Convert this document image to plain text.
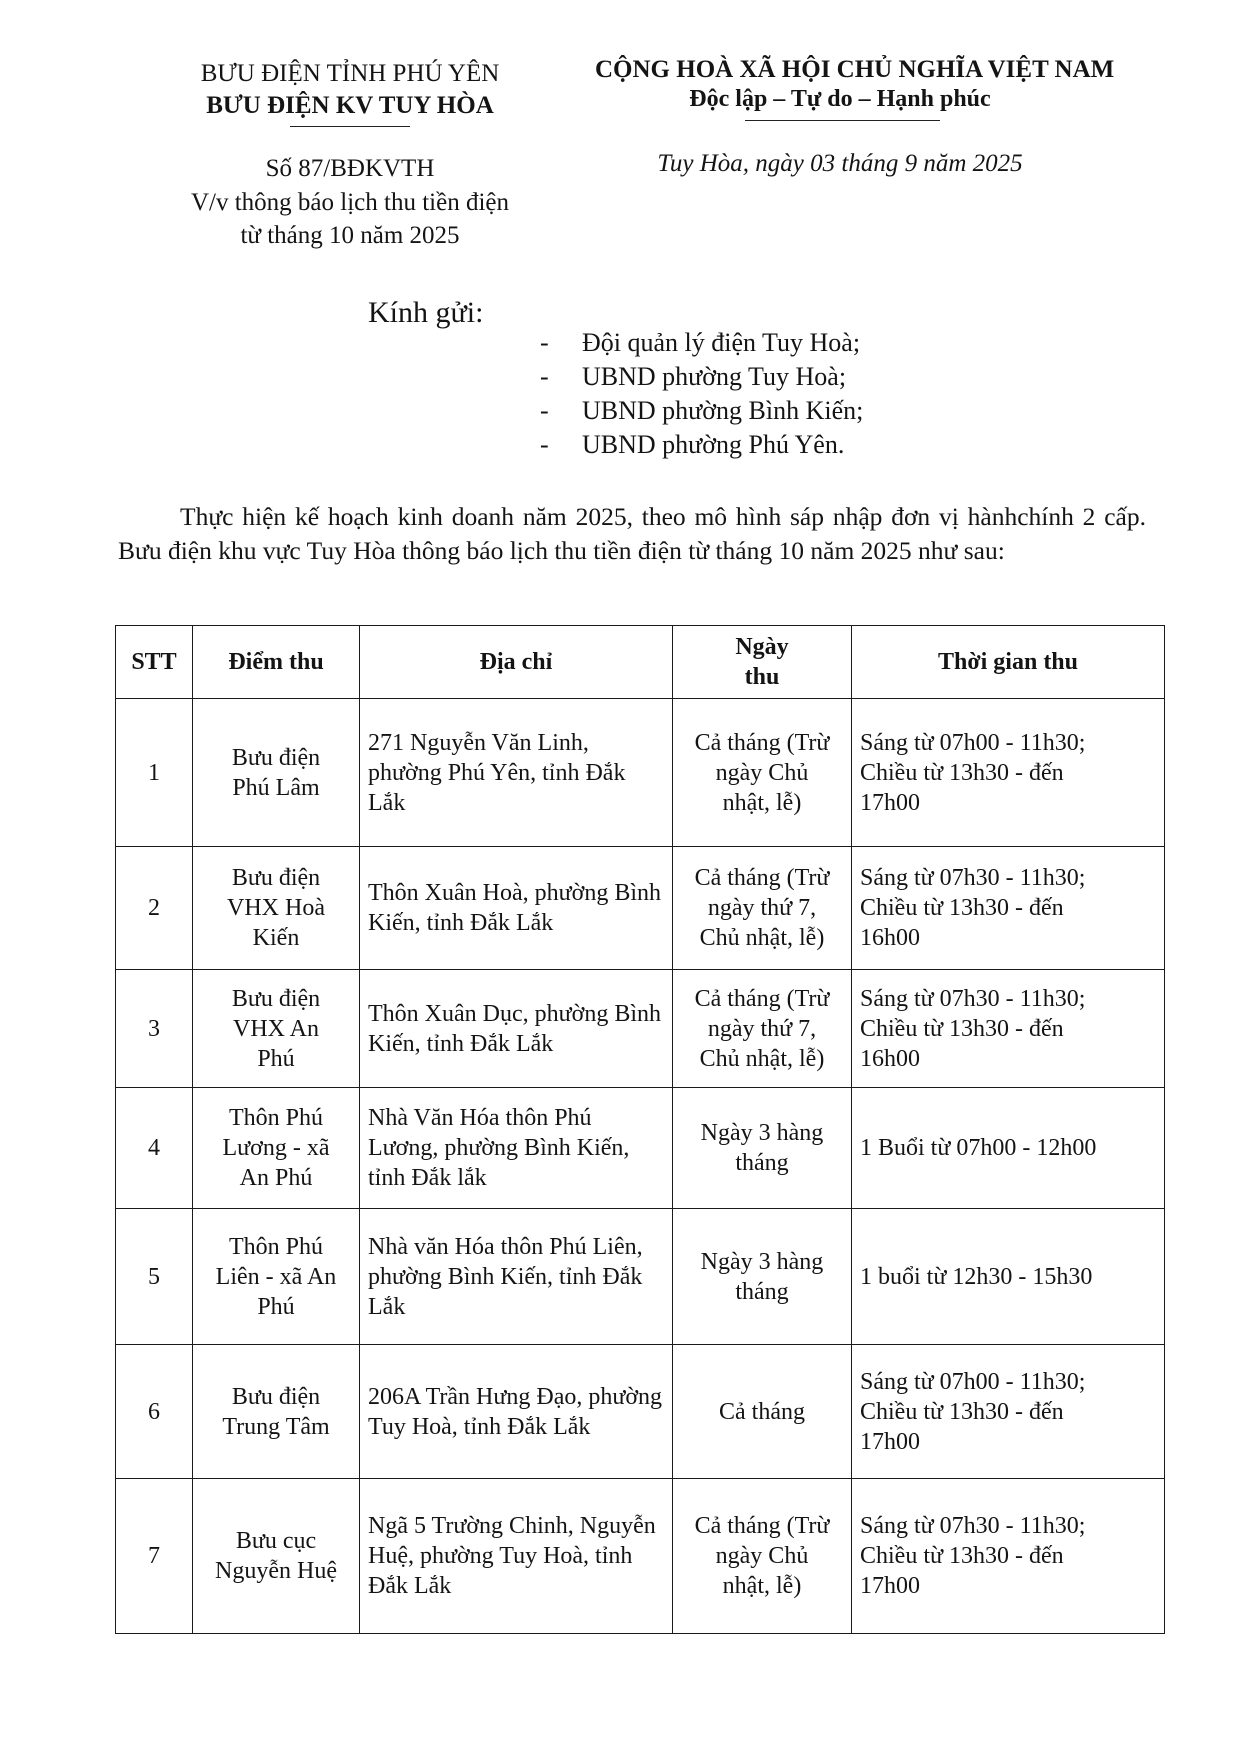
BƯU ĐIỆN TỈNH PHÚ YÊN
BƯU ĐIỆN KV TUY HÒA
CỘNG HOÀ XÃ HỘI CHỦ NGHĨA VIỆT NAM
Độc lập – Tự do – Hạnh phúc
Số 87/BĐKVTH
V/v thông báo lịch thu tiền điện
từ tháng 10 năm 2025
Tuy Hòa, ngày 03 tháng 9 năm 2025
Kính gửi:
- Đội quản lý điện Tuy Hoà;
- UBND phường Tuy Hoà;
- UBND phường Bình Kiến;
- UBND phường Phú Yên.
Thực hiện kế hoạch kinh doanh năm 2025, theo mô hình sáp nhập đơn vị hànhchính 2 cấp. Bưu điện khu vực Tuy Hòa thông báo lịch thu tiền điện từ tháng 10 năm 2025 như sau:
STT	Điểm thu	Địa chỉ	Ngày
thu	Thời gian thu
1	Bưu điện
Phú Lâm	271 Nguyễn Văn Linh, phường Phú Yên, tỉnh Đắk Lắk	Cả tháng (Trừ
ngày Chủ
nhật, lễ)	Sáng từ 07h00 - 11h30;
Chiều từ 13h30 - đến
17h00

2	Bưu điện
VHX Hoà
Kiến	Thôn Xuân Hoà, phường Bình Kiến, tỉnh Đắk Lắk	Cả tháng (Trừ
ngày thứ 7,
Chủ nhật, lễ)	Sáng từ 07h30 - 11h30;
Chiều từ 13h30 - đến
16h00

3	Bưu điện
VHX An
Phú	Thôn Xuân Dục, phường Bình Kiến, tỉnh Đắk Lắk	Cả tháng (Trừ
ngày thứ 7,
Chủ nhật, lễ)	Sáng từ 07h30 - 11h30;
Chiều từ 13h30 - đến
16h00

4	Thôn Phú
Lương - xã
An Phú	Nhà Văn Hóa thôn Phú Lương, phường Bình Kiến, tỉnh Đắk lắk	Ngày 3 hàng
tháng	1 Buổi từ 07h00 - 12h00

5	Thôn Phú
Liên - xã An
Phú	Nhà văn Hóa thôn Phú Liên, phường Bình Kiến, tỉnh Đắk Lắk	Ngày 3 hàng
tháng	1 buổi từ 12h30 - 15h30

6	Bưu điện
Trung Tâm	206A Trần Hưng Đạo, phường Tuy Hoà, tỉnh Đắk Lắk	Cả tháng	Sáng từ 07h00 - 11h30;
Chiều từ 13h30 - đến
17h00

7	Bưu cục
Nguyễn Huệ	Ngã 5 Trường Chinh, Nguyễn Huệ, phường Tuy Hoà, tỉnh Đắk Lắk	Cả tháng (Trừ
ngày Chủ
nhật, lễ)	Sáng từ 07h30 - 11h30;
Chiều từ 13h30 - đến
17h00
